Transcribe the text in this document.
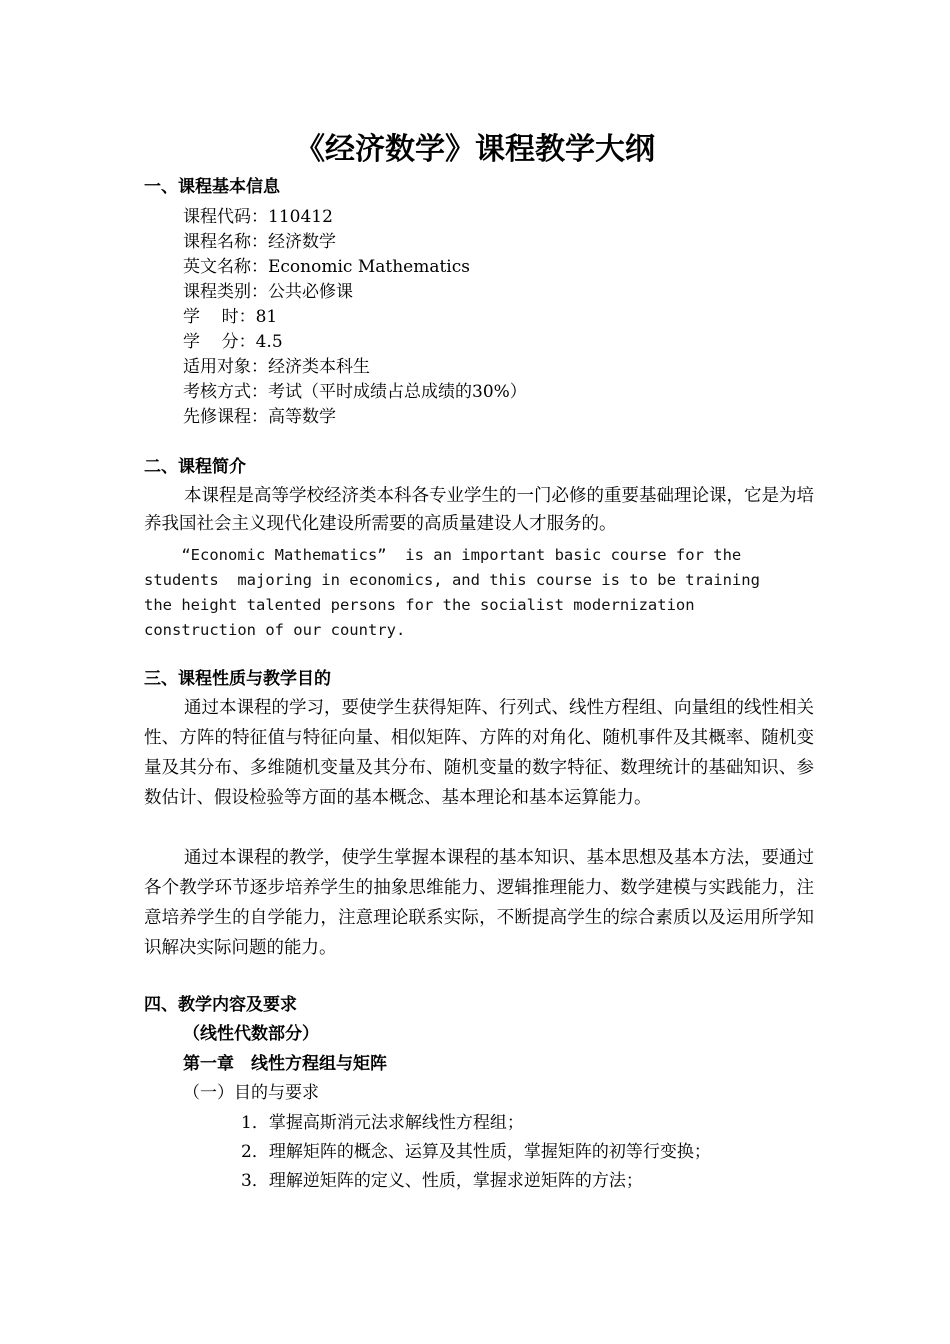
《经济数学》课程教学大纲
一、课程基本信息
课程代码：110412
课程名称：经济数学
英文名称：Economic Mathematics
课程类别：公共必修课
学    时：81
学    分：4.5
适用对象：经济类本科生
考核方式：考试（平时成绩占总成绩的30%）
先修课程：高等数学
二、课程简介
本课程是高等学校经济类本科各专业学生的一门必修的重要基础理论课，它是为培养我国社会主义现代化建设所需要的高质量建设人才服务的。
“Economic Mathematics”  is an important basic course for the
students  majoring in economics, and this course is to be training
the height talented persons for the socialist modernization
construction of our country.
三、课程性质与教学目的
通过本课程的学习，要使学生获得矩阵、行列式、线性方程组、向量组的线性相关性、方阵的特征值与特征向量、相似矩阵、方阵的对角化、随机事件及其概率、随机变量及其分布、多维随机变量及其分布、随机变量的数字特征、数理统计的基础知识、参数估计、假设检验等方面的基本概念、基本理论和基本运算能力。
通过本课程的教学，使学生掌握本课程的基本知识、基本思想及基本方法，要通过各个教学环节逐步培养学生的抽象思维能力、逻辑推理能力、数学建模与实践能力，注意培养学生的自学能力，注意理论联系实际，不断提高学生的综合素质以及运用所学知识解决实际问题的能力。
四、教学内容及要求
（线性代数部分）
第一章　线性方程组与矩阵
（一）目的与要求
1．掌握高斯消元法求解线性方程组；
2．理解矩阵的概念、运算及其性质，掌握矩阵的初等行变换；
3．理解逆矩阵的定义、性质，掌握求逆矩阵的方法；
